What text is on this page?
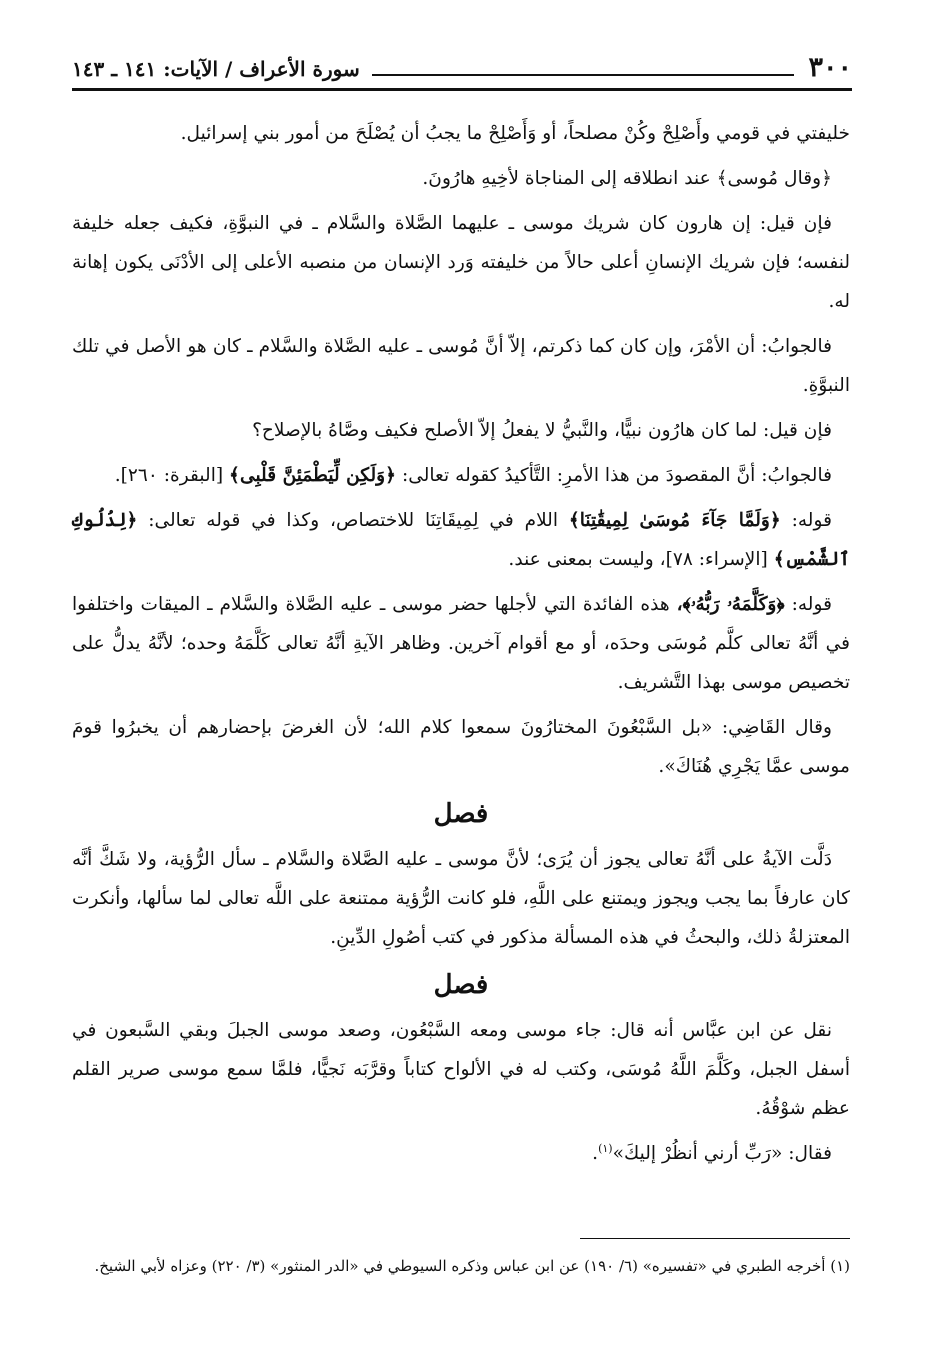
٣٠٠
سورة الأعراف / الآيات: ١٤١ ـ ١٤٣

خليفتي في قومي وأَصْلِحْ وكُنْ مصلحاً، أو وَأَصْلِحْ ما يجبُ أن يُصْلَحَ من أمور بني إسرائيل.

﴿وقال مُوسى﴾ عند انطلاقه إلى المناجاة لأخِيهِ هارُونَ.

فإن قيل: إن هارون كان شريك موسى ـ عليهما الصَّلاة والسَّلام ـ في النبوَّةِ، فكيف جعله خليفة لنفسه؛ فإن شريك الإنسانِ أعلى حالاً من خليفته وَرد الإنسان من منصبه الأعلى إلى الأدْنَى يكون إهانة له.

فالجوابُ: أن الأمْرَ، وإن كان كما ذكرتم، إلاّ أنَّ مُوسى ـ عليه الصَّلاة والسَّلام ـ كان هو الأصل في تلك النبوَّةِ.

فإن قيل: لما كان هارُون نبيًّا، والنَّبيُّ لا يفعلُ إلاّ الأصلح فكيف وصَّاهُ بالإصلاح؟

فالجوابُ: أنَّ المقصودَ من هذا الأمرِ: التَّأكيدُ كقوله تعالى: ﴿وَلَكِن لِّيَطْمَئِنَّ قَلْبِى﴾ [البقرة: ٢٦٠].

قوله: ﴿وَلَمَّا جَآءَ مُوسَىٰ لِمِيقَٰتِنَا﴾ اللام في لِمِيقَاتِنَا للاختصاص، وكذا في قوله تعالى: ﴿لِدُلُوكِ ٱلشَّمْسِ﴾ [الإسراء: ٧٨]، وليست بمعنى عند.

قوله: ﴿وَكَلَّمَهُۥ رَبُّهُۥ﴾، هذه الفائدة التي لأجلها حضر موسى ـ عليه الصَّلاة والسَّلام ـ الميقات واختلفوا في أنَّهُ تعالى كلَّم مُوسَى وحدَه، أو مع أقوام آخرين. وظاهر الآيةِ أنَّهُ تعالى كَلَّمَهُ وحده؛ لأنَّهُ يدلُّ على تخصيص موسى بهذا التَّشريف.

وقال القَاضِي: «بل السَّبْعُونَ المختارُونَ سمعوا كلام الله؛ لأن الغرضَ بإحضارهم أن يخبرُوا قومَ موسى عمَّا يَجْرِي هُنَاكَ».

فصل

دَلَّت الآيةُ على أنَّهُ تعالى يجوز أن يُرَى؛ لأنَّ موسى ـ عليه الصَّلاة والسَّلام ـ سأل الرُّؤية، ولا شَكَّ أنَّه كان عارفاً بما يجب ويجوز ويمتنع على اللَّهِ، فلو كانت الرُّؤية ممتنعة على اللَّه تعالى لما سألها، وأنكرت المعتزلةُ ذلك، والبحثُ في هذه المسألة مذكور في كتب أصُولِ الدِّينِ.

فصل

نقل عن ابن عبَّاس أنه قال: جاء موسى ومعه السَّبْعُون، وصعد موسى الجبلَ وبقي السَّبعون في أسفل الجبل، وكَلَّمَ اللَّهُ مُوسَى، وكتب له في الألواح كتاباً وقرَّبَه نَجيًّا، فلمَّا سمع موسى صرير القلم عظم شوْقُهُ.

فقال: «رَبِّ أرني أنظُرْ إليكَ»$^{(١)}$.

(١) أخرجه الطبري في «تفسيره» (٦/ ١٩٠) عن ابن عباس وذكره السيوطي في «الدر المنثور» (٣/ ٢٢٠) وعزاه لأبي الشيخ.
